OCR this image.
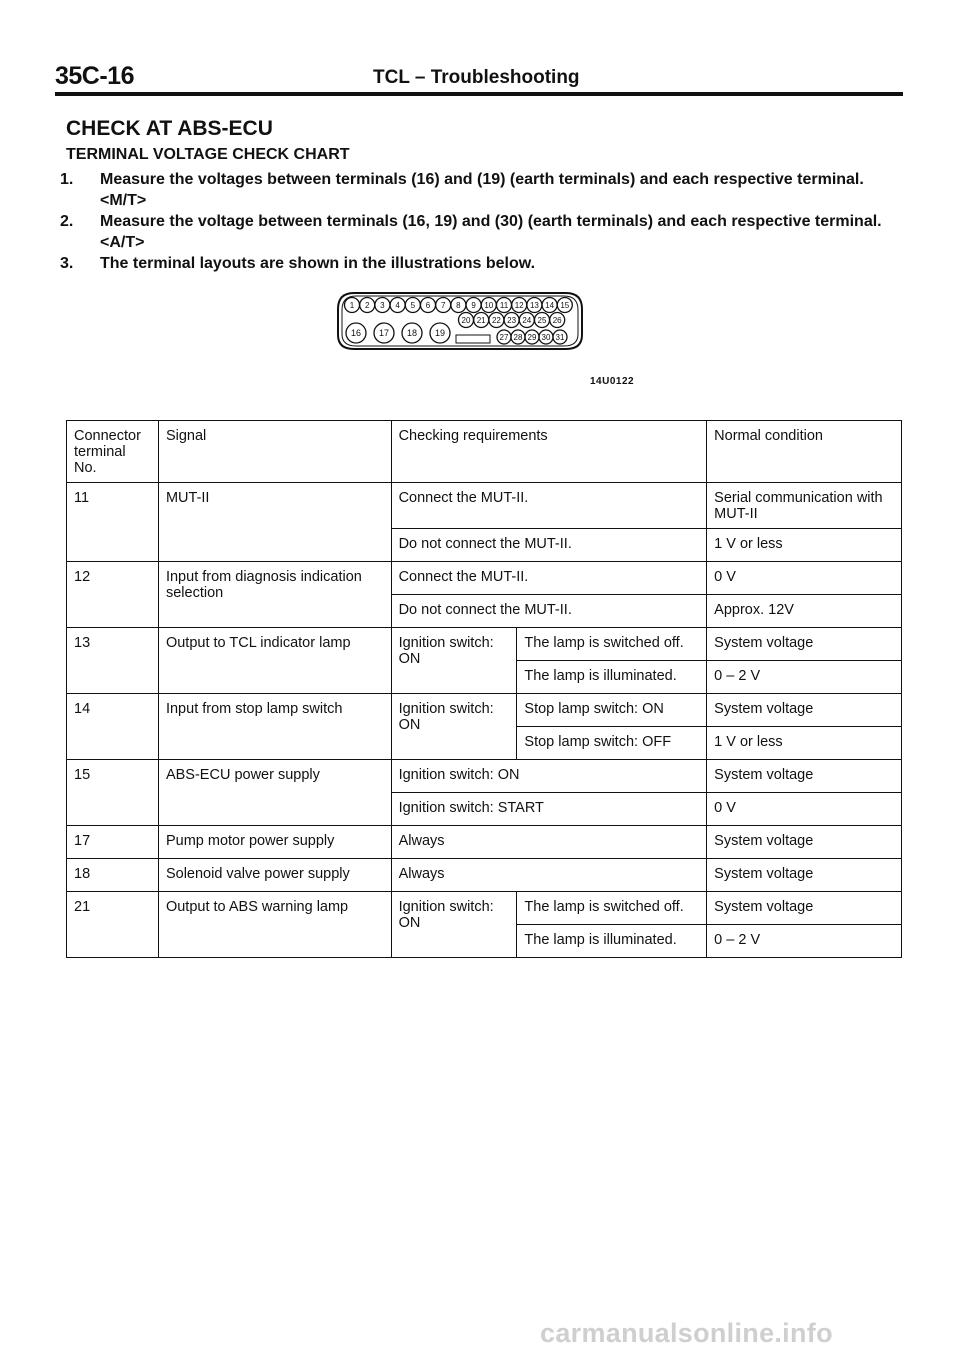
35C-16	TCL – Troubleshooting
CHECK AT ABS-ECU
TERMINAL VOLTAGE CHECK CHART
1.	Measure the voltages between terminals (16) and (19) (earth terminals) and each respective terminal.
<M/T>
2.	Measure the voltage between terminals (16, 19) and (30) (earth terminals) and each respective terminal.
<A/T>
3.	The terminal layouts are shown in the illustrations below.
1 2 3 4 5 6 7 8 9 10 11 12 13 14 15
20 21 22 23 24 25 26
16 17 18 19	27 28 29 30 31
14U0122
Connector terminal No.	Signal	Checking requirements		Normal condition
11	MUT-II	Connect the MUT-II.		Serial communication with MUT-II
		Do not connect the MUT-II.		1 V or less
12	Input from diagnosis indication selection	Connect the MUT-II.		0 V
		Do not connect the MUT-II.		Approx. 12V
13	Output to TCL indicator lamp	Ignition switch: ON	The lamp is switched off.	System voltage
			The lamp is illuminated.	0 – 2 V
14	Input from stop lamp switch	Ignition switch: ON	Stop lamp switch: ON	System voltage
			Stop lamp switch: OFF	1 V or less
15	ABS-ECU power supply	Ignition switch: ON		System voltage
		Ignition switch: START		0 V
17	Pump motor power supply	Always		System voltage
18	Solenoid valve power supply	Always		System voltage
21	Output to ABS warning lamp	Ignition switch: ON	The lamp is switched off.	System voltage
			The lamp is illuminated.	0 – 2 V
carmanualsonline.info
